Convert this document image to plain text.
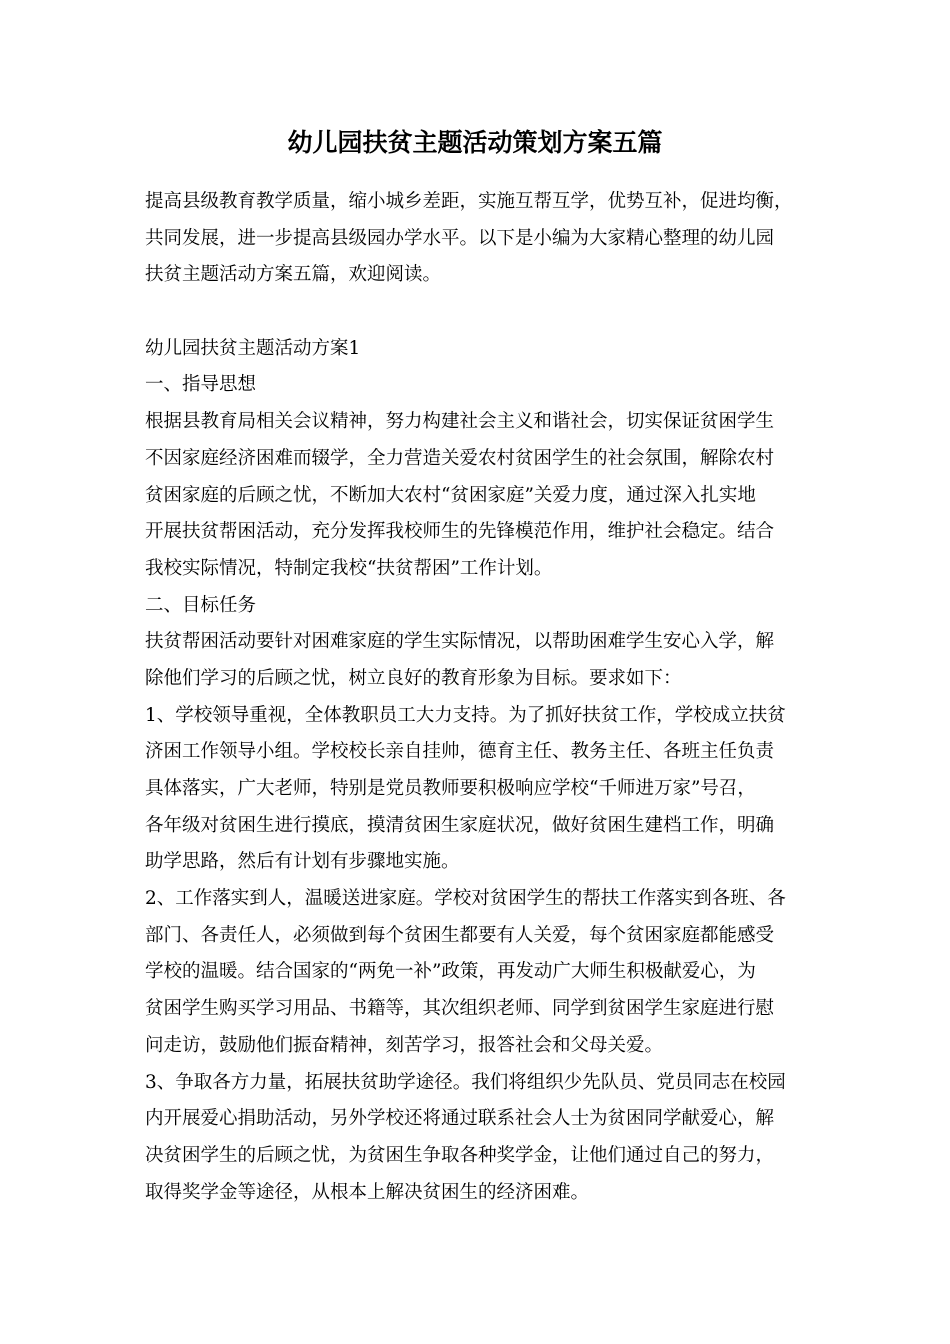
幼儿园扶贫主题活动策划方案五篇
提高县级教育教学质量，缩小城乡差距，实施互帮互学，优势互补，促进均衡，
共同发展，进一步提高县级园办学水平。以下是小编为大家精心整理的幼儿园
扶贫主题活动方案五篇，欢迎阅读。
幼儿园扶贫主题活动方案1
一、指导思想
根据县教育局相关会议精神，努力构建社会主义和谐社会，切实保证贫困学生
不因家庭经济困难而辍学，全力营造关爱农村贫困学生的社会氛围，解除农村
贫困家庭的后顾之忧，不断加大农村“贫困家庭”关爱力度，通过深入扎实地
开展扶贫帮困活动，充分发挥我校师生的先锋模范作用，维护社会稳定。结合
我校实际情况，特制定我校“扶贫帮困”工作计划。
二、目标任务
扶贫帮困活动要针对困难家庭的学生实际情况，以帮助困难学生安心入学，解
除他们学习的后顾之忧，树立良好的教育形象为目标。要求如下：
1、学校领导重视，全体教职员工大力支持。为了抓好扶贫工作，学校成立扶贫
济困工作领导小组。学校校长亲自挂帅，德育主任、教务主任、各班主任负责
具体落实，广大老师，特别是党员教师要积极响应学校“千师进万家”号召，
各年级对贫困生进行摸底，摸清贫困生家庭状况，做好贫困生建档工作，明确
助学思路，然后有计划有步骤地实施。
2、工作落实到人，温暖送进家庭。学校对贫困学生的帮扶工作落实到各班、各
部门、各责任人，必须做到每个贫困生都要有人关爱，每个贫困家庭都能感受
学校的温暖。结合国家的“两免一补”政策，再发动广大师生积极献爱心，为
贫困学生购买学习用品、书籍等，其次组织老师、同学到贫困学生家庭进行慰
问走访，鼓励他们振奋精神，刻苦学习，报答社会和父母关爱。
3、争取各方力量，拓展扶贫助学途径。我们将组织少先队员、党员同志在校园
内开展爱心捐助活动，另外学校还将通过联系社会人士为贫困同学献爱心，解
决贫困学生的后顾之忧，为贫困生争取各种奖学金，让他们通过自己的努力，
取得奖学金等途径，从根本上解决贫困生的经济困难。
